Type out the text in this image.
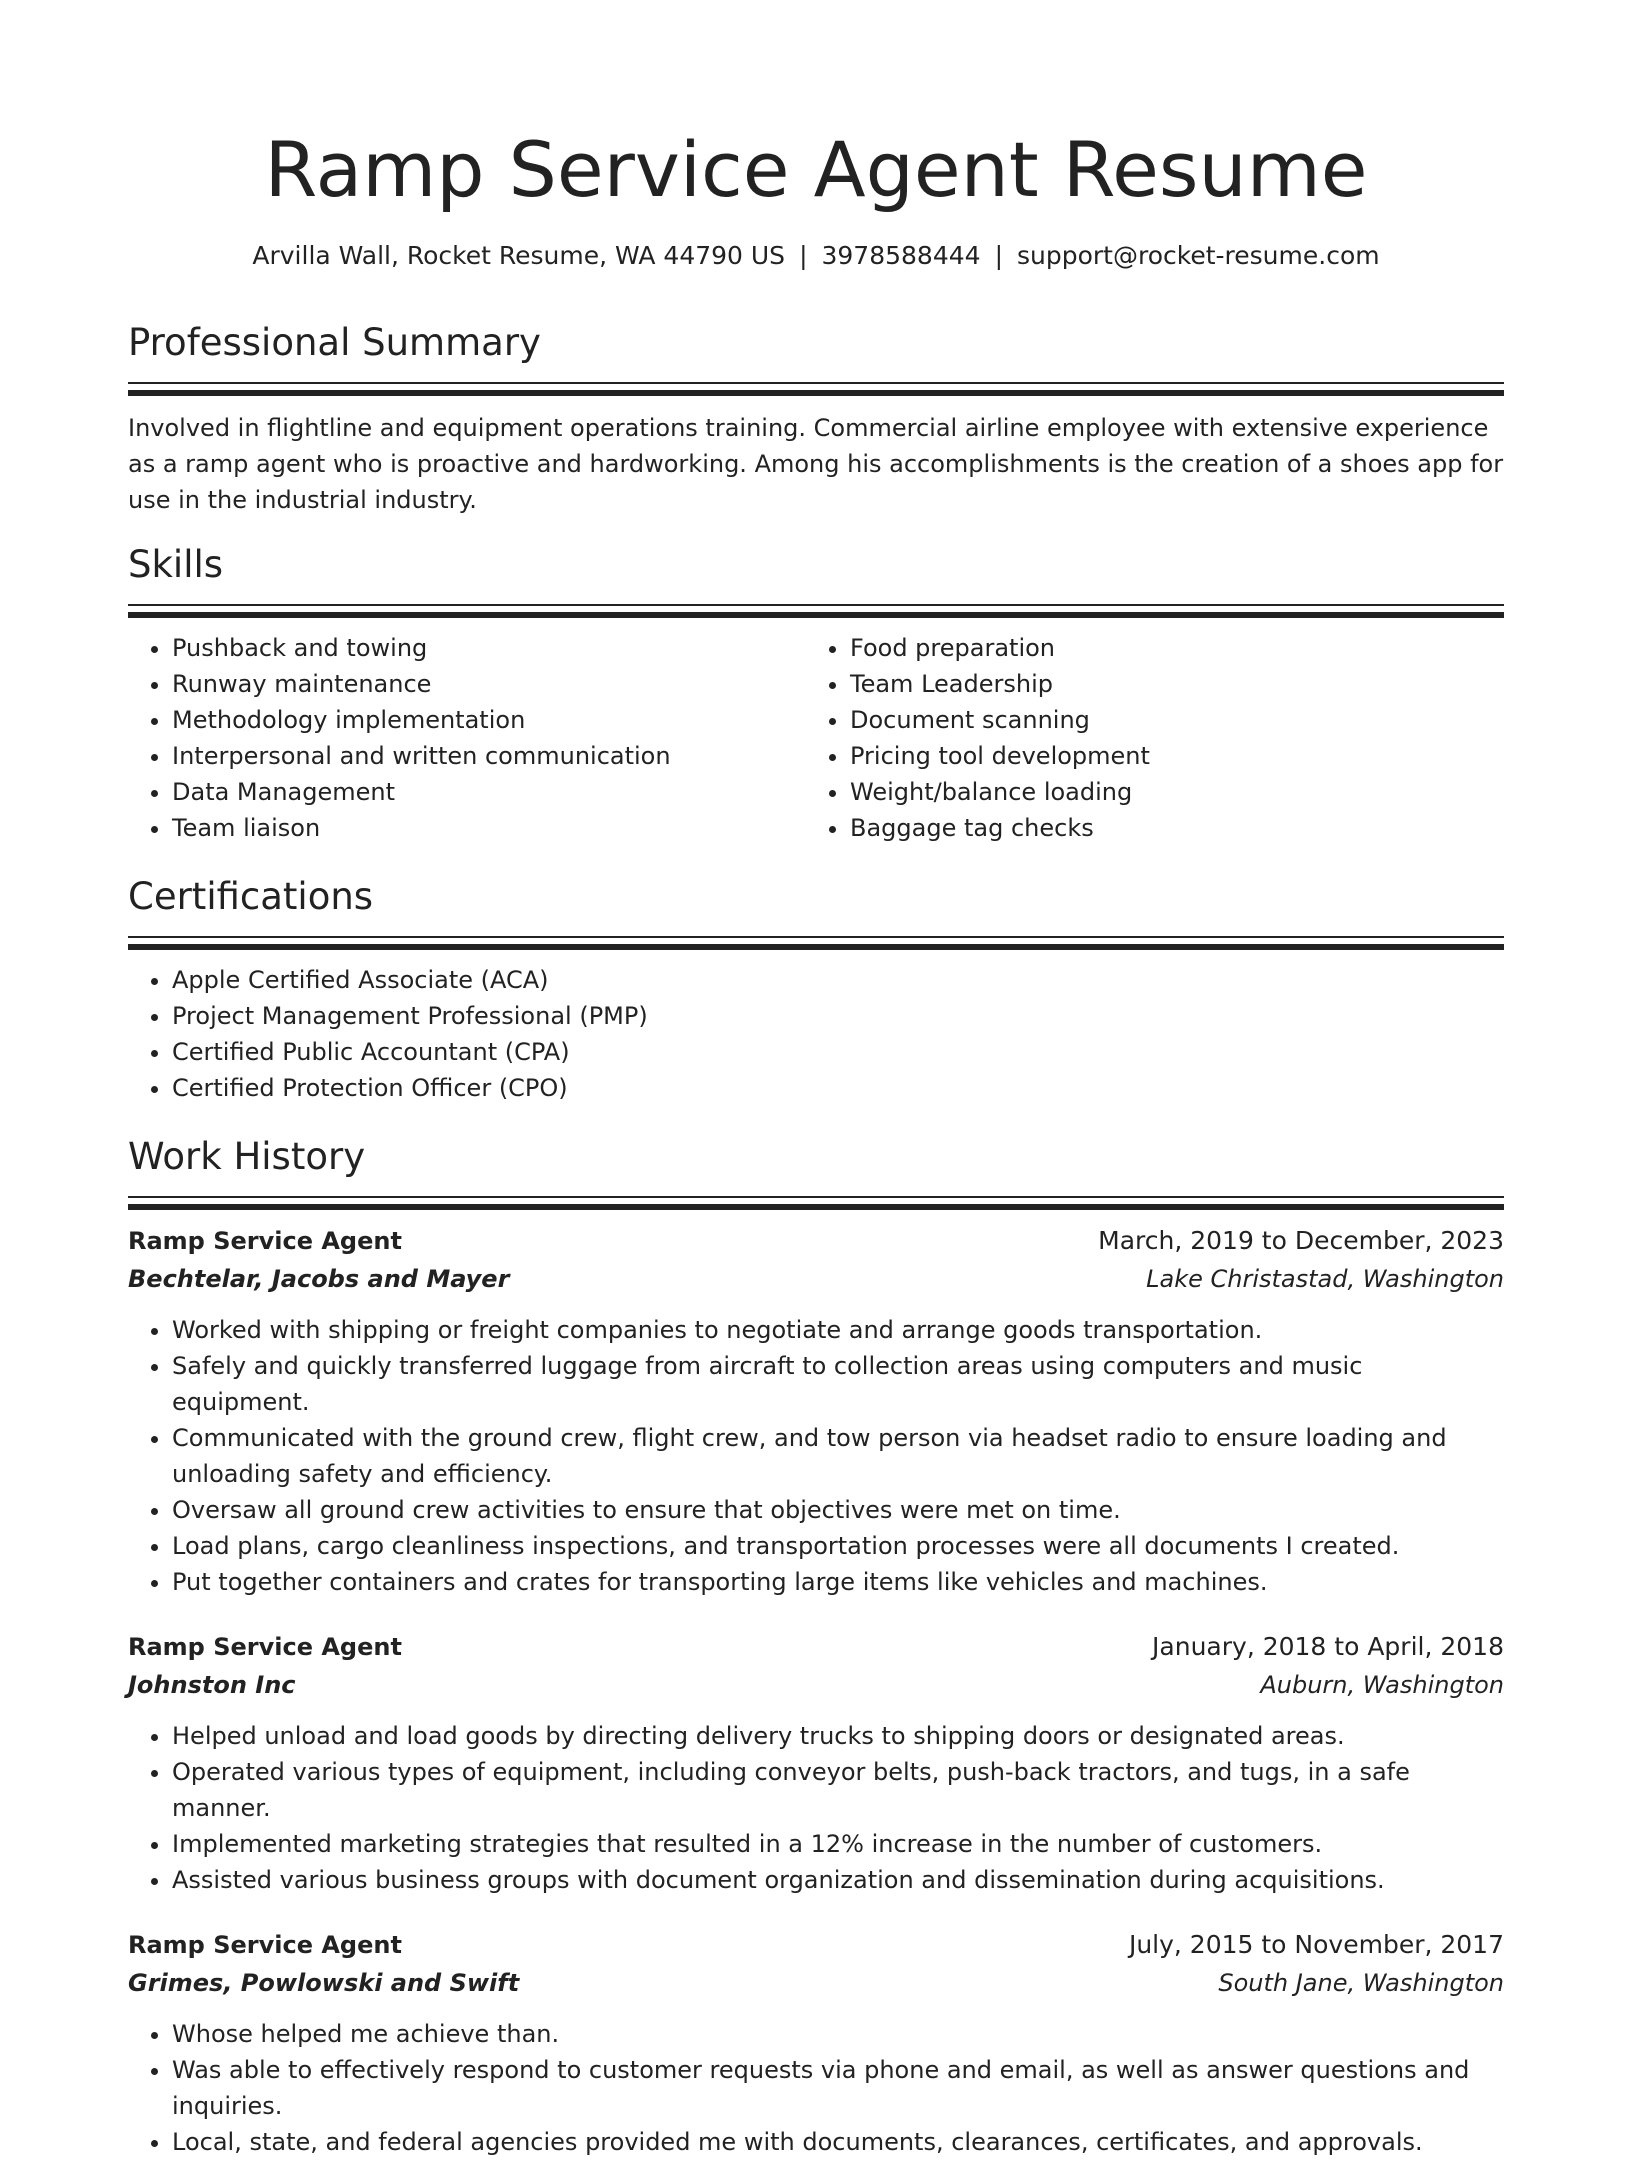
Ramp Service Agent Resume
Arvilla Wall, Rocket Resume, WA 44790 US | 3978588444 | support@rocket-resume.com
Professional Summary

Involved in flightline and equipment operations training. Commercial airline employee with extensive experience as a ramp agent who is proactive and hardworking. Among his accomplishments is the creation of a shoes app for use in the industrial industry.

Skills
• Pushback and towing
• Runway maintenance
• Methodology implementation
• Interpersonal and written communication
• Data Management
• Team liaison
• Food preparation
• Team Leadership
• Document scanning
• Pricing tool development
• Weight/balance loading
• Baggage tag checks
Certifications
• Apple Certified Associate (ACA)
• Project Management Professional (PMP)
• Certified Public Accountant (CPA)
• Certified Protection Officer (CPO)
Work History
Ramp Service Agent	March, 2019 to December, 2023
Bechtelar, Jacobs and Mayer	Lake Christastad, Washington
• Worked with shipping or freight companies to negotiate and arrange goods transportation.
• Safely and quickly transferred luggage from aircraft to collection areas using computers and music equipment.
• Communicated with the ground crew, flight crew, and tow person via headset radio to ensure loading and unloading safety and efficiency.
• Oversaw all ground crew activities to ensure that objectives were met on time.
• Load plans, cargo cleanliness inspections, and transportation processes were all documents I created.
• Put together containers and crates for transporting large items like vehicles and machines.
Ramp Service Agent	January, 2018 to April, 2018
Johnston Inc	Auburn, Washington
• Helped unload and load goods by directing delivery trucks to shipping doors or designated areas.
• Operated various types of equipment, including conveyor belts, push-back tractors, and tugs, in a safe manner.
• Implemented marketing strategies that resulted in a 12% increase in the number of customers.
• Assisted various business groups with document organization and dissemination during acquisitions.
Ramp Service Agent	July, 2015 to November, 2017
Grimes, Powlowski and Swift	South Jane, Washington
• Whose helped me achieve than.
• Was able to effectively respond to customer requests via phone and email, as well as answer questions and inquiries.
• Local, state, and federal agencies provided me with documents, clearances, certificates, and approvals.
